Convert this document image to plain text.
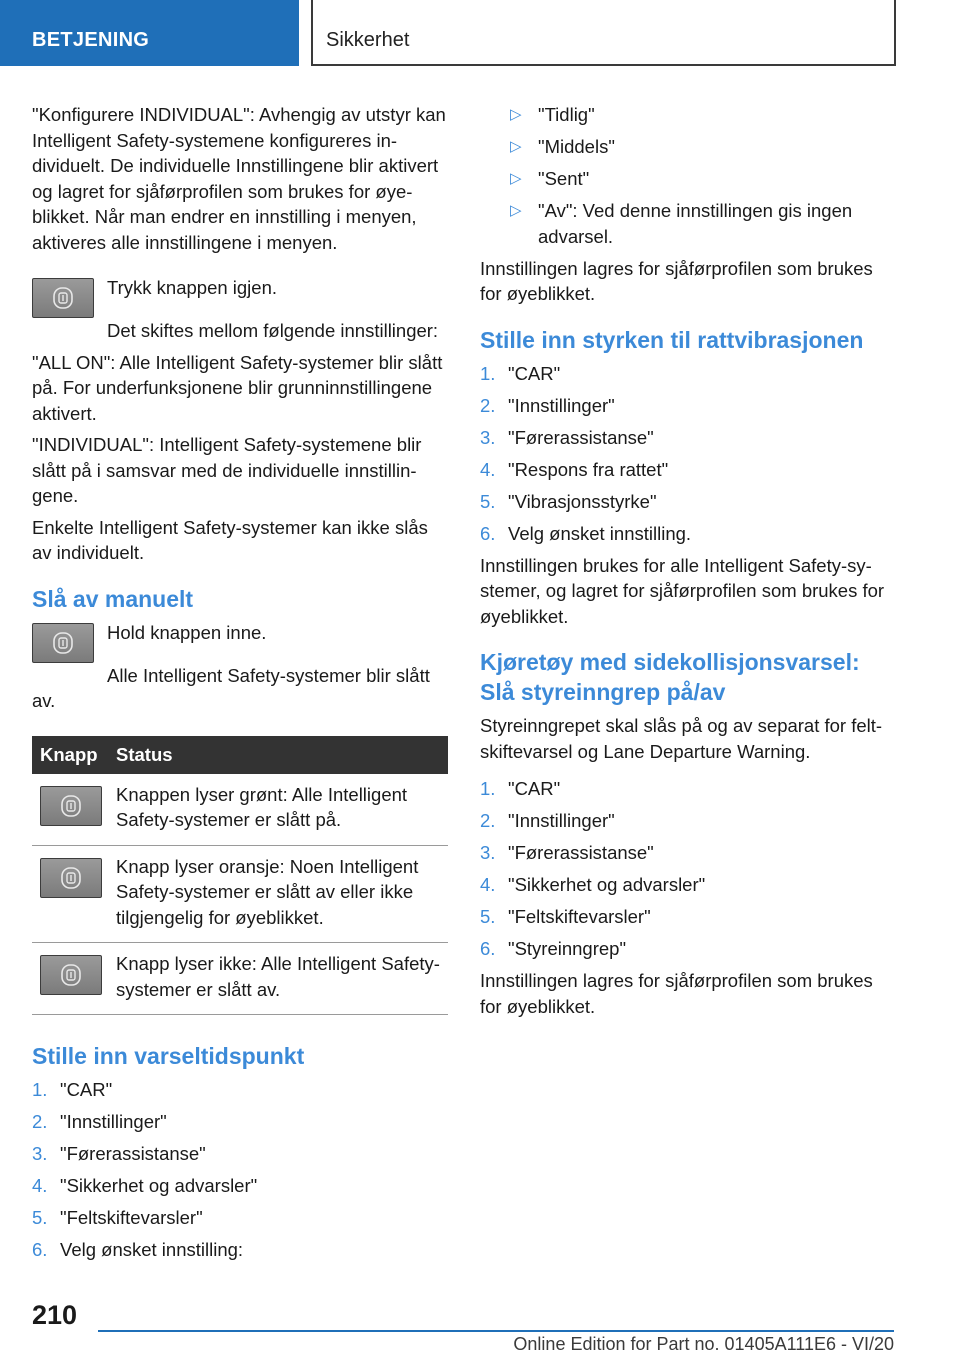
BETJENING	Sikkerhet

"Konfigurere INDIVIDUAL": Avhengig av utstyr kan Intelligent Safety-systemene konfigureres individuelt. De individuelle Innstillingene blir aktivert og lagret for sjåførprofilen som brukes for øyeblikket. Når man endrer en innstilling i menyen, aktiveres alle innstillingene i menyen.

Trykk knappen igjen.

Det skiftes mellom følgende innstillinger:

"ALL ON": Alle Intelligent Safety-systemer blir slått på. For underfunksjonene blir grunninnstillingene aktivert.

"INDIVIDUAL": Intelligent Safety-systemene blir slått på i samsvar med de individuelle innstillingene.

Enkelte Intelligent Safety-systemer kan ikke slås av individuelt.

Slå av manuelt

Hold knappen inne.

Alle Intelligent Safety-systemer blir slått av.

Knapp	Status

	Knappen lyser grønt: Alle Intelligent Safety-systemer er slått på.

	Knapp lyser oransje: Noen Intelligent Safety-systemer er slått av eller ikke tilgjengelig for øyeblikket.

	Knapp lyser ikke: Alle Intelligent Safety-systemer er slått av.
Stille inn varseltidspunkt
1. "CAR"
2. "Innstillinger"
3. "Førerassistanse"
4. "Sikkerhet og advarsler"
5. "Feltskiftevarsler"
6. Velg ønsket innstilling:
▷ "Tidlig"
▷ "Middels"
▷ "Sent"
▷ "Av": Ved denne innstillingen gis ingen advarsel.

Innstillingen lagres for sjåførprofilen som brukes for øyeblikket.

Stille inn styrken til rattvibrasjonen
1. "CAR"
2. "Innstillinger"
3. "Førerassistanse"
4. "Respons fra rattet"
5. "Vibrasjonsstyrke"
6. Velg ønsket innstilling.

Innstillingen brukes for alle Intelligent Safety-systemer, og lagret for sjåførprofilen som brukes for øyeblikket.

Kjøretøy med sidekollisjonsvarsel: Slå styreinngrep på/av

Styreinngrepet skal slås på og av separat for feltskiftevarsel og Lane Departure Warning.

1. "CAR"
2. "Innstillinger"
3. "Førerassistanse"
4. "Sikkerhet og advarsler"
5. "Feltskiftevarsler"
6. "Styreinngrep"

Innstillingen lagres for sjåførprofilen som brukes for øyeblikket.

210
Online Edition for Part no. 01405A111E6 - VI/20
